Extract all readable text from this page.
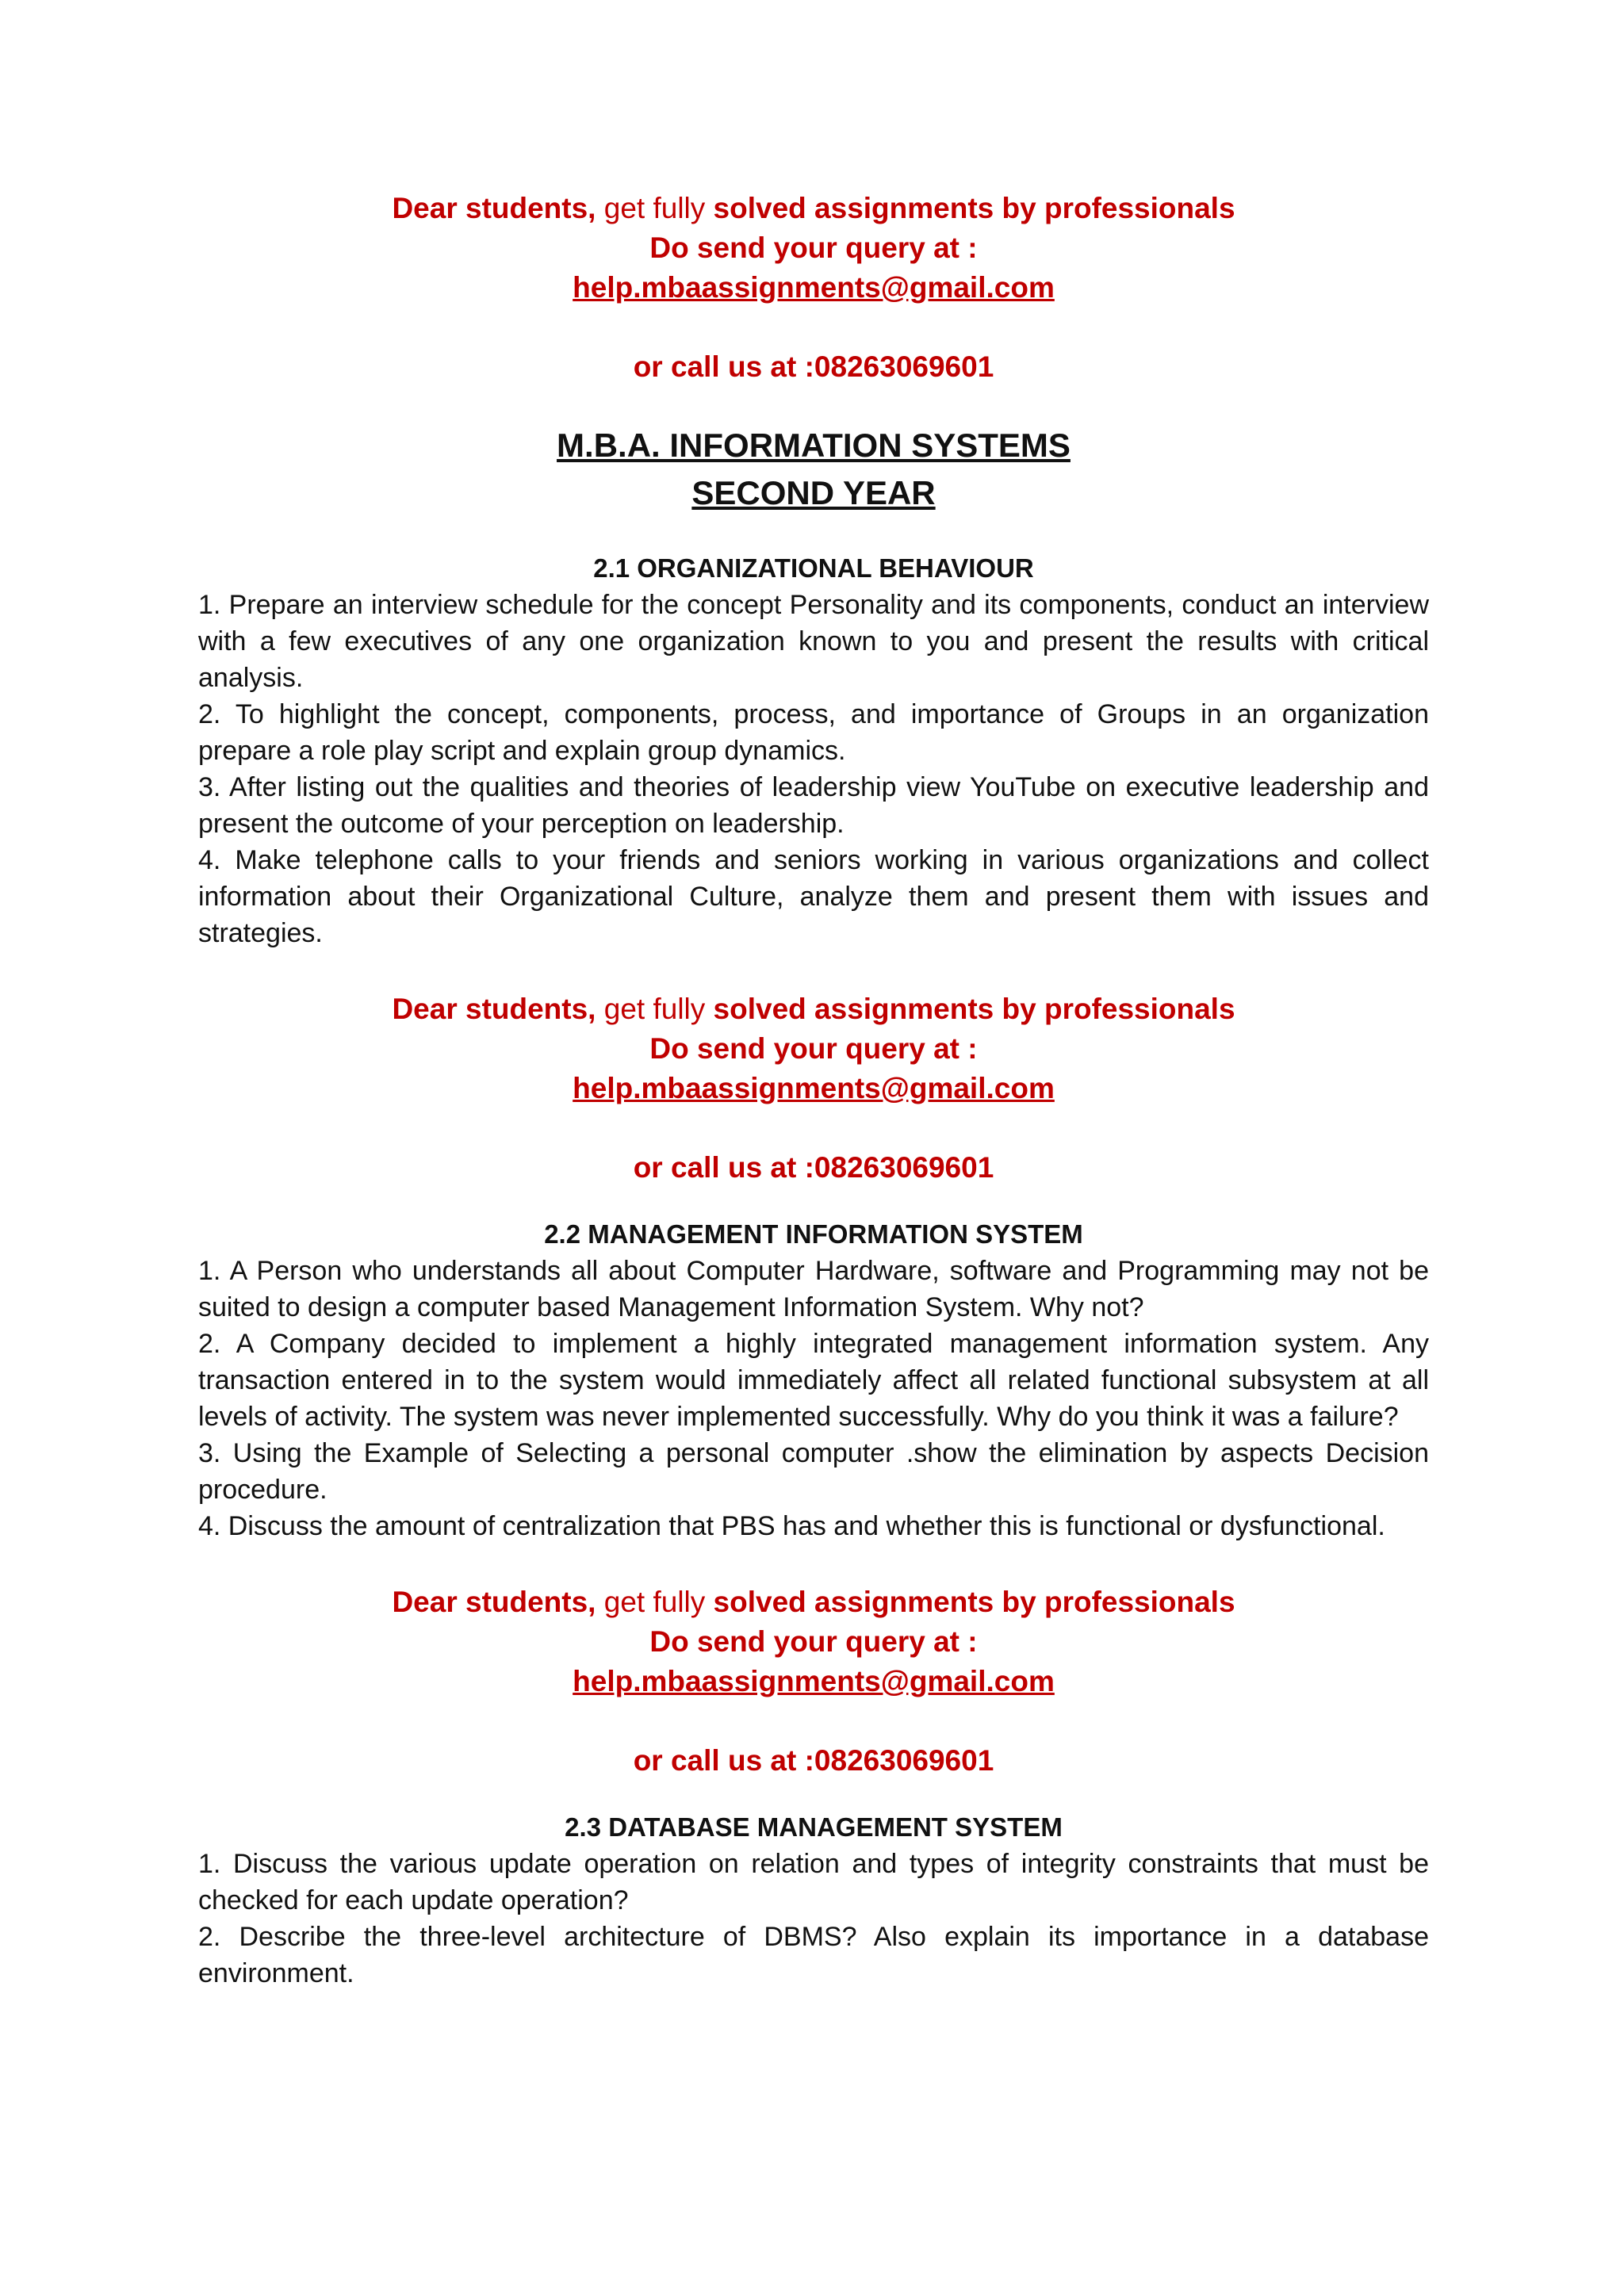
Dear students, get fully solved assignments by professionals
Do send your query at :
help.mbaassignments@gmail.com
or call us at :08263069601
M.B.A. INFORMATION SYSTEMS
SECOND YEAR
2.1 ORGANIZATIONAL BEHAVIOUR

1. Prepare an interview schedule for the concept Personality and its components, conduct an interview with a few executives of any one organization known to you and present the results with critical analysis.

2. To highlight the concept, components, process, and importance of Groups in an organization prepare a role play script and explain group dynamics.

3. After listing out the qualities and theories of leadership view YouTube on executive leadership and present the outcome of your perception on leadership.

4. Make telephone calls to your friends and seniors working in various organizations and collect information about their Organizational Culture, analyze them and present them with issues and strategies.

Dear students, get fully solved assignments by professionals
Do send your query at :
help.mbaassignments@gmail.com
or call us at :08263069601
2.2 MANAGEMENT INFORMATION SYSTEM

1. A Person who understands all about Computer Hardware, software and Programming may not be suited to design a computer based Management Information System. Why not?

2. A Company decided to implement a highly integrated management information system. Any transaction entered in to the system would immediately affect all related functional subsystem at all levels of activity. The system was never implemented successfully. Why do you think it was a failure?

3. Using the Example of Selecting a personal computer .show the elimination by aspects Decision procedure.

4. Discuss the amount of centralization that PBS has and whether this is functional or dysfunctional.

Dear students, get fully solved assignments by professionals
Do send your query at :
help.mbaassignments@gmail.com
or call us at :08263069601
2.3 DATABASE MANAGEMENT SYSTEM

1. Discuss the various update operation on relation and types of integrity constraints that must be checked for each update operation?

2. Describe the three-level architecture of DBMS? Also explain its importance in a database environment.
